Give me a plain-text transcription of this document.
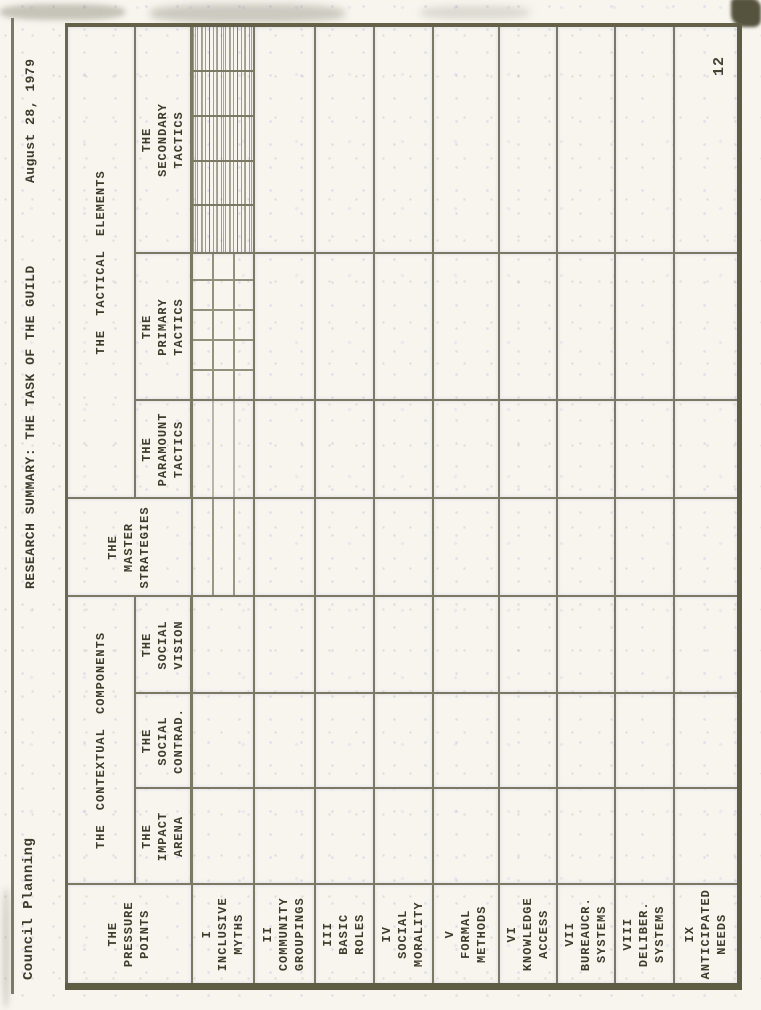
Council Planning
RESEARCH SUMMARY: THE TASK OF THE GUILD
August 28, 1979	12
THE PRESSURE POINTS	THE CONTEXTUAL COMPONENTS			THE MASTER STRATEGIES	THE TACTICAL ELEMENTS		

	THE IMPACT ARENA	THE SOCIAL CONTRAD.	THE SOCIAL VISION		THE PARAMOUNT TACTICS	THE PRIMARY TACTICS	THE SECONDARY TACTICS

I INCLUSIVE MYTHS							

II COMMUNITY GROUPINGS							

III BASIC ROLES							

IV SOCIAL MORALITY							

V FORMAL METHODS							

VI KNOWLEDGE ACCESS							

VII BUREAUCR. SYSTEMS							

VIII DELIBER. SYSTEMS							

IX ANTICIPATED NEEDS							
